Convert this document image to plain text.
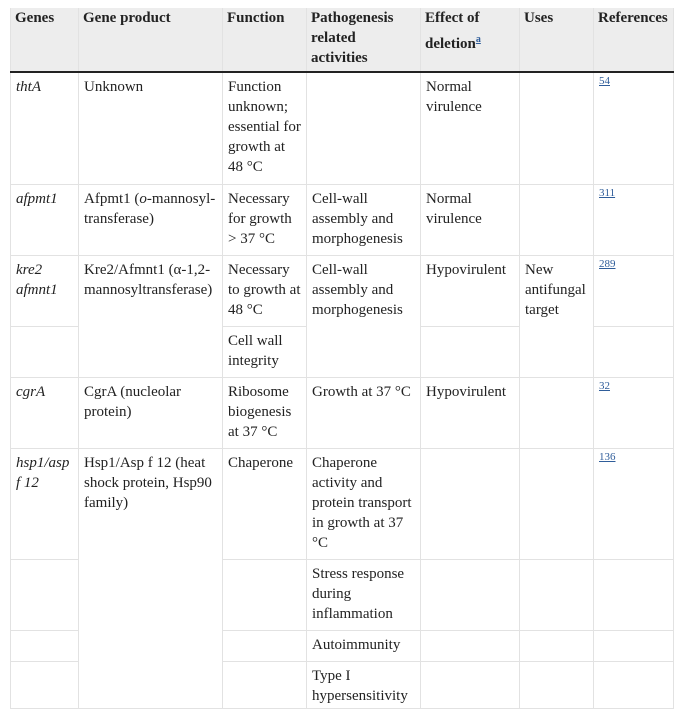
Genes	Gene product	Function	Pathogenesis
related
activities	Effect of
deletion$^a$	Uses	References
thtA	Unknown	Function unknown; essential for growth at 48 °C		Normal virulence		$^{54}$
afpmt1	Afpmt1 (o-mannosyl-transferase)	Necessary for growth > 37 °C	Cell-wall assembly and morphogenesis	Normal virulence		$^{311}$
kre2 afmnt1	Kre2/Afmnt1 (α-1,2-mannosyltransferase)	Necessary to growth at 48 °C	Cell-wall assembly and morphogenesis	Hypovirulent	New antifungal target	$^{289}$
		Cell wall integrity				
cgrA	CgrA (nucleolar protein)	Ribosome biogenesis at 37 °C	Growth at 37 °C	Hypovirulent		$^{32}$
hsp1/asp f 12	Hsp1/Asp f 12 (heat shock protein, Hsp90 family)	Chaperone	Chaperone activity and protein transport in growth at 37 °C			$^{136}$
			Stress response during inflammation			
			Autoimmunity			
			Type I hypersensitivity			
